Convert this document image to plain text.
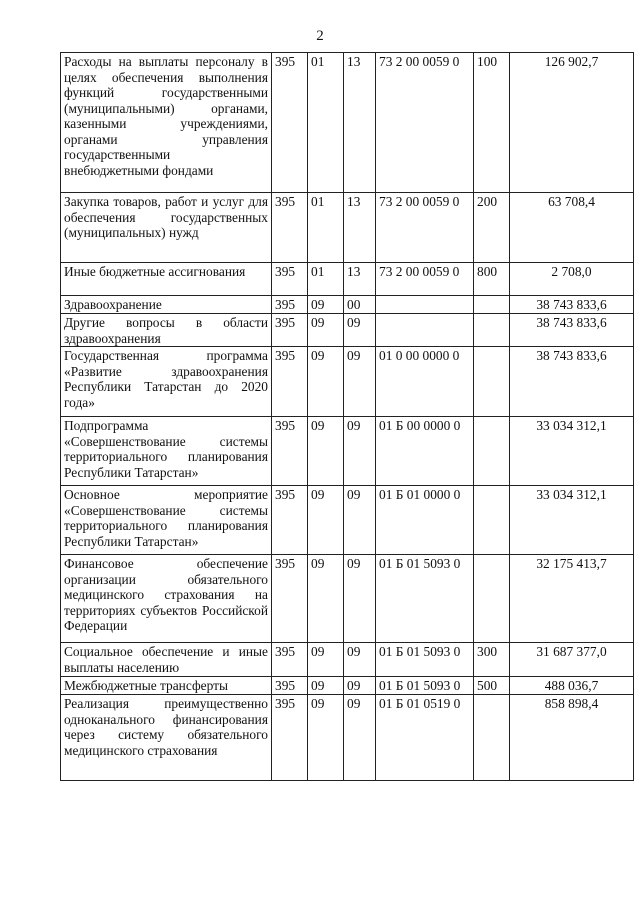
2
Расходы на выплаты персоналу в целях обеспечения выполнения функций государственными (муниципальными) органами, казенными учреждениями, органами управления государственными внебюджетными фондами	395	01	13	73 2 00 0059 0	100	126 902,7
Закупка товаров, работ и услуг для обеспечения государственных (муниципальных) нужд	395	01	13	73 2 00 0059 0	200	63 708,4
Иные бюджетные ассигнования	395	01	13	73 2 00 0059 0	800	2 708,0
Здравоохранение	395	09	00			38 743 833,6
Другие вопросы в области здравоохранения	395	09	09			38 743 833,6
Государственная программа «Развитие здравоохранения Республики Татарстан до 2020 года»	395	09	09	01 0 00 0000 0		38 743 833,6
Подпрограмма «Совершенствование системы территориального планирования Республики Татарстан»	395	09	09	01 Б 00 0000 0		33 034 312,1
Основное мероприятие «Совершенствование системы территориального планирования Республики Татарстан»	395	09	09	01 Б 01 0000 0		33 034 312,1
Финансовое обеспечение организации обязательного медицинского страхования на территориях субъектов Российской Федерации	395	09	09	01 Б 01 5093 0		32 175 413,7
Социальное обеспечение и иные выплаты населению	395	09	09	01 Б 01 5093 0	300	31 687 377,0
Межбюджетные трансферты	395	09	09	01 Б 01 5093 0	500	488 036,7
Реализация преимущественно одноканального финансирования через систему обязательного медицинского страхования	395	09	09	01 Б 01 0519 0		858 898,4
